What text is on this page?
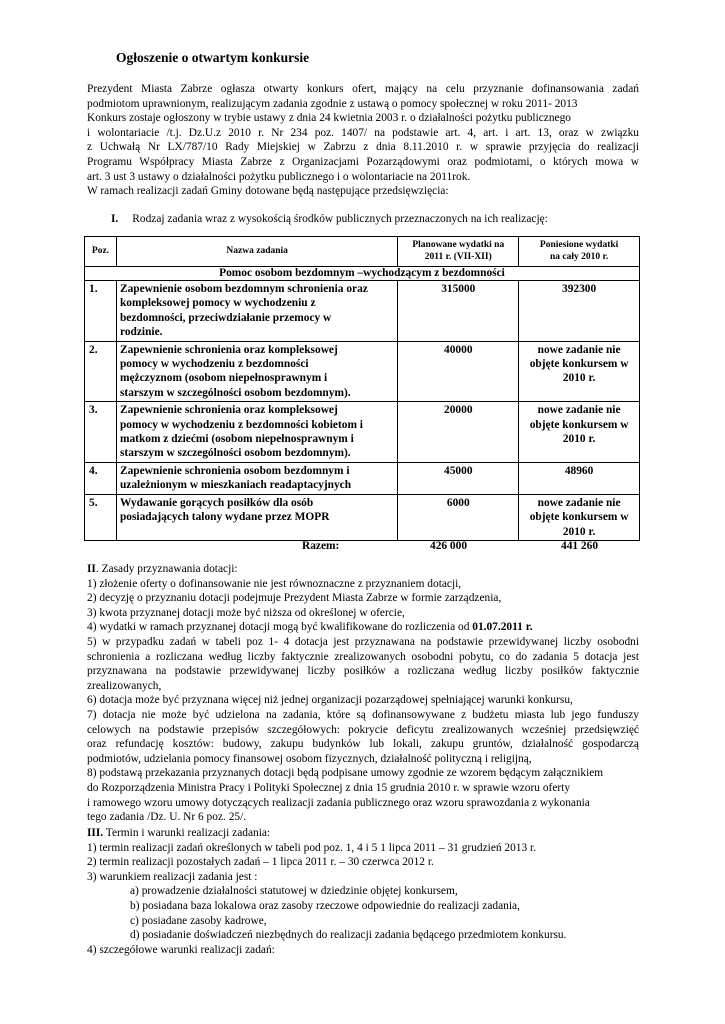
Ogłoszenie o otwartym konkursie
Prezydent Miasta Zabrze ogłasza otwarty konkurs ofert, mający na celu przyznanie dofinansowania zadań
podmiotom uprawnionym, realizującym zadania zgodnie z ustawą o pomocy społecznej w roku 2011- 2013
Konkurs zostaje ogłoszony w trybie ustawy z dnia 24 kwietnia 2003 r. o działalności pożytku publicznego
i wolontariacie /t.j. Dz.U.z 2010 r. Nr 234 poz. 1407/ na podstawie art. 4, art. i art. 13, oraz w związku
z Uchwałą Nr LX/787/10 Rady Miejskiej w Zabrzu z dnia 8.11.2010 r. w sprawie przyjęcia do realizacji
Programu Współpracy Miasta Zabrze z Organizacjami Pozarządowymi oraz podmiotami, o których mowa w
art. 3 ust 3 ustawy o działalności pożytku publicznego i o wolontariacie na 2011rok.
W ramach realizacji zadań Gminy dotowane będą następujące przedsięwzięcia:
I. Rodzaj zadania wraz z wysokością środków publicznych przeznaczonych na ich realizację:
Poz.	Nazwa zadania	Planowane wydatki na
2011 r. (VII-XII)	Poniesione wydatki
na cały 2010 r.
Pomoc osobom bezdomnym –wychodzącym z bezdomności			
1.	Zapewnienie osobom bezdomnym schronienia oraz
kompleksowej pomocy w wychodzeniu z
bezdomności, przeciwdziałanie przemocy w
rodzinie.	315000	392300
2.	Zapewnienie schronienia oraz kompleksowej
pomocy w wychodzeniu z bezdomności
mężczyznom (osobom niepełnosprawnym i
starszym w szczególności osobom bezdomnym).	40000	nowe zadanie nie
objęte konkursem w
2010 r.
3.	Zapewnienie schronienia oraz kompleksowej
pomocy w wychodzeniu z bezdomności kobietom i
matkom z dziećmi (osobom niepełnosprawnym i
starszym w szczególności osobom bezdomnym).	20000	nowe zadanie nie
objęte konkursem w
2010 r.
4.	Zapewnienie schronienia osobom bezdomnym i
uzależnionym w mieszkaniach readaptacyjnych	45000	48960
5.	Wydawanie gorących posiłków dla osób
posiadających talony wydane przez MOPR	6000	nowe zadanie nie
objęte konkursem w
2010 r.
Razem:	426 000	441 260
II. Zasady przyznawania dotacji:
1) złożenie oferty o dofinansowanie nie jest równoznaczne z przyznaniem dotacji,
2) decyzję o przyznaniu dotacji podejmuje Prezydent Miasta Zabrze w formie zarządzenia,
3) kwota przyznanej dotacji może być niższa od określonej w ofercie,
4) wydatki w ramach przyznanej dotacji mogą być kwalifikowane do rozliczenia od 01.07.2011 r.
5) w przypadku zadań w tabeli poz 1- 4 dotacja jest przyznawana na podstawie przewidywanej liczby osobodni
schronienia a rozliczana według liczby faktycznie zrealizowanych osobodni pobytu, co do zadania 5 dotacja jest
przyznawana na podstawie przewidywanej liczby posiłków a rozliczana według liczby posiłków faktycznie
zrealizowanych,
6) dotacja może być przyznana więcej niż jednej organizacji pozarządowej spełniającej warunki konkursu,
7) dotacja nie może być udzielona na zadania, które są dofinansowywane z budżetu miasta lub jego funduszy
celowych na podstawie przepisów szczegółowych: pokrycie deficytu zrealizowanych wcześniej przedsięwzięć
oraz refundację kosztów: budowy, zakupu budynków lub lokali, zakupu gruntów, działalność gospodarczą
podmiotów, udzielania pomocy finansowej osobom fizycznych, działalność polityczną i religijną,
8) podstawą przekazania przyznanych dotacji będą podpisane umowy zgodnie ze wzorem będącym załącznikiem
do Rozporządzenia Ministra Pracy i Polityki Społecznej z dnia 15 grudnia 2010 r. w sprawie wzoru oferty
i ramowego wzoru umowy dotyczących realizacji zadania publicznego oraz wzoru sprawozdania z wykonania
tego zadania /Dz. U. Nr 6 poz. 25/.
III. Termin i warunki realizacji zadania:
1) termin realizacji zadań określonych w tabeli pod poz. 1, 4 i 5 1 lipca 2011 – 31 grudzień 2013 r.
2) termin realizacji pozostałych zadań – 1 lipca 2011 r. – 30 czerwca 2012 r.
3) warunkiem realizacji zadania jest :
a) prowadzenie działalności statutowej w dziedzinie objętej konkursem,
b) posiadana baza lokalowa oraz zasoby rzeczowe odpowiednie do realizacji zadania,
c) posiadane zasoby kadrowe,
d) posiadanie doświadczeń niezbędnych do realizacji zadania będącego przedmiotem konkursu.
4) szczegółowe warunki realizacji zadań:
